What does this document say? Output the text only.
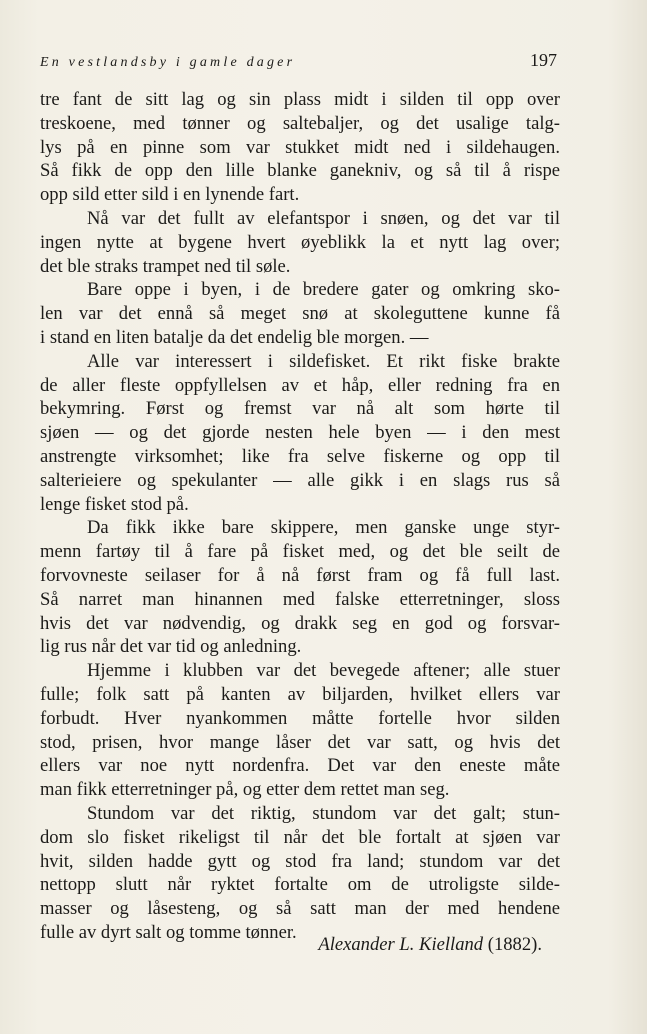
En vestlandsby i gamle dager	197

tre fant de sitt lag og sin plass midt i silden til opp over
treskoene, med tønner og saltebaljer, og det usalige talg-
lys på en pinne som var stukket midt ned i sildehaugen.
Så fikk de opp den lille blanke ganekniv, og så til å rispe
opp sild etter sild i en lynende fart.

Nå var det fullt av elefantspor i snøen, og det var til
ingen nytte at bygene hvert øyeblikk la et nytt lag over;
det ble straks trampet ned til søle.

Bare oppe i byen, i de bredere gater og omkring sko-
len var det ennå så meget snø at skoleguttene kunne få
i stand en liten batalje da det endelig ble morgen. —

Alle var interessert i sildefisket. Et rikt fiske brakte
de aller fleste oppfyllelsen av et håp, eller redning fra en
bekymring. Først og fremst var nå alt som hørte til
sjøen — og det gjorde nesten hele byen — i den mest
anstrengte virksomhet; like fra selve fiskerne og opp til
salterieiere og spekulanter — alle gikk i en slags rus så
lenge fisket stod på.

Da fikk ikke bare skippere, men ganske unge styr-
menn fartøy til å fare på fisket med, og det ble seilt de
forvovneste seilaser for å nå først fram og få full last.
Så narret man hinannen med falske etterretninger, sloss
hvis det var nødvendig, og drakk seg en god og forsvar-
lig rus når det var tid og anledning.

Hjemme i klubben var det bevegede aftener; alle stuer
fulle; folk satt på kanten av biljarden, hvilket ellers var
forbudt. Hver nyankommen måtte fortelle hvor silden
stod, prisen, hvor mange låser det var satt, og hvis det
ellers var noe nytt nordenfra. Det var den eneste måte
man fikk etterretninger på, og etter dem rettet man seg.

Stundom var det riktig, stundom var det galt; stun-
dom slo fisket rikeligst til når det ble fortalt at sjøen var
hvit, silden hadde gytt og stod fra land; stundom var det
nettopp slutt når ryktet fortalte om de utroligste silde-
masser og låsesteng, og så satt man der med hendene
fulle av dyrt salt og tomme tønner.

Alexander L. Kielland (1882).
